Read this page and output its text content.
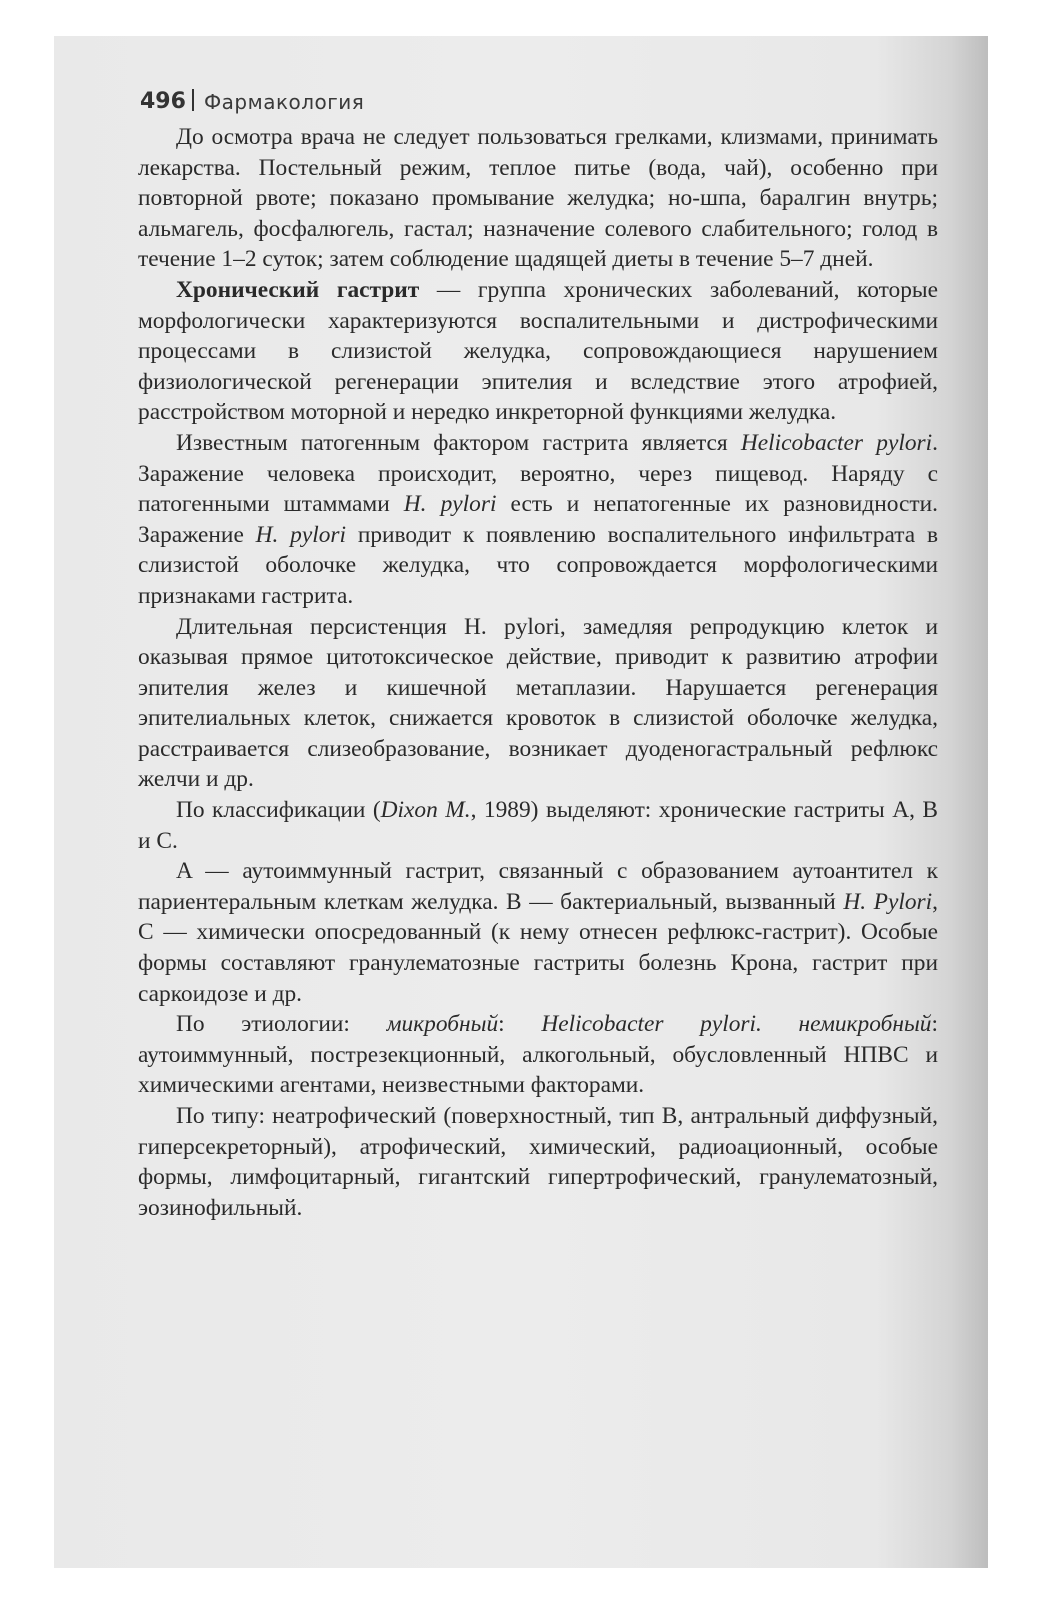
496 Фармакология

До осмотра врача не следует пользоваться грелками, клизмами, принимать лекарства. Постельный режим, теплое питье (вода, чай), особенно при повторной рвоте; показано промывание желудка; но-шпа, баралгин внутрь; альмагель, фосфалюгель, гастал; назначение солевого слабительного; голод в течение 1–2 суток; затем соблюдение щадящей диеты в течение 5–7 дней.

Хронический гастрит — группа хронических заболеваний, которые морфологически характеризуются воспалительными и дистрофическими процессами в слизистой желудка, сопровождающиеся нарушением физиологической регенерации эпителия и вследствие этого атрофией, расстройством моторной и нередко инкреторной функциями желудка.

Известным патогенным фактором гастрита является Helicobacter pylori. Заражение человека происходит, вероятно, через пищевод. Наряду с патогенными штаммами H. pylori есть и непатогенные их разновидности. Заражение H. pylori приводит к появлению воспалительного инфильтрата в слизистой оболочке желудка, что сопровождается морфологическими признаками гастрита.

Длительная персистенция H. pylori, замедляя репродукцию клеток и оказывая прямое цитотоксическое действие, приводит к развитию атрофии эпителия желез и кишечной метаплазии. Нарушается регенерация эпителиальных клеток, снижается кровоток в слизистой оболочке желудка, расстраивается слизеобразование, возникает дуоденогастральный рефлюкс желчи и др.

По классификации (Dixon M., 1989) выделяют: хронические гастриты A, B и C.

A — аутоиммунный гастрит, связанный с образованием аутоантител к париентеральным клеткам желудка. B — бактериальный, вызванный H. Pylori, C — химически опосредованный (к нему отнесен рефлюкс-гастрит). Особые формы составляют гранулематозные гастриты болезнь Крона, гастрит при саркоидозе и др.

По этиологии: микробный: Helicobacter pylori. немикробный: аутоиммунный, пострезекционный, алкогольный, обусловленный НПВС и химическими агентами, неизвестными факторами.

По типу: неатрофический (поверхностный, тип B, антральный диффузный, гиперсекреторный), атрофический, химический, радиоационный, особые формы, лимфоцитарный, гигантский гипертрофический, гранулематозный, эозинофильный.
